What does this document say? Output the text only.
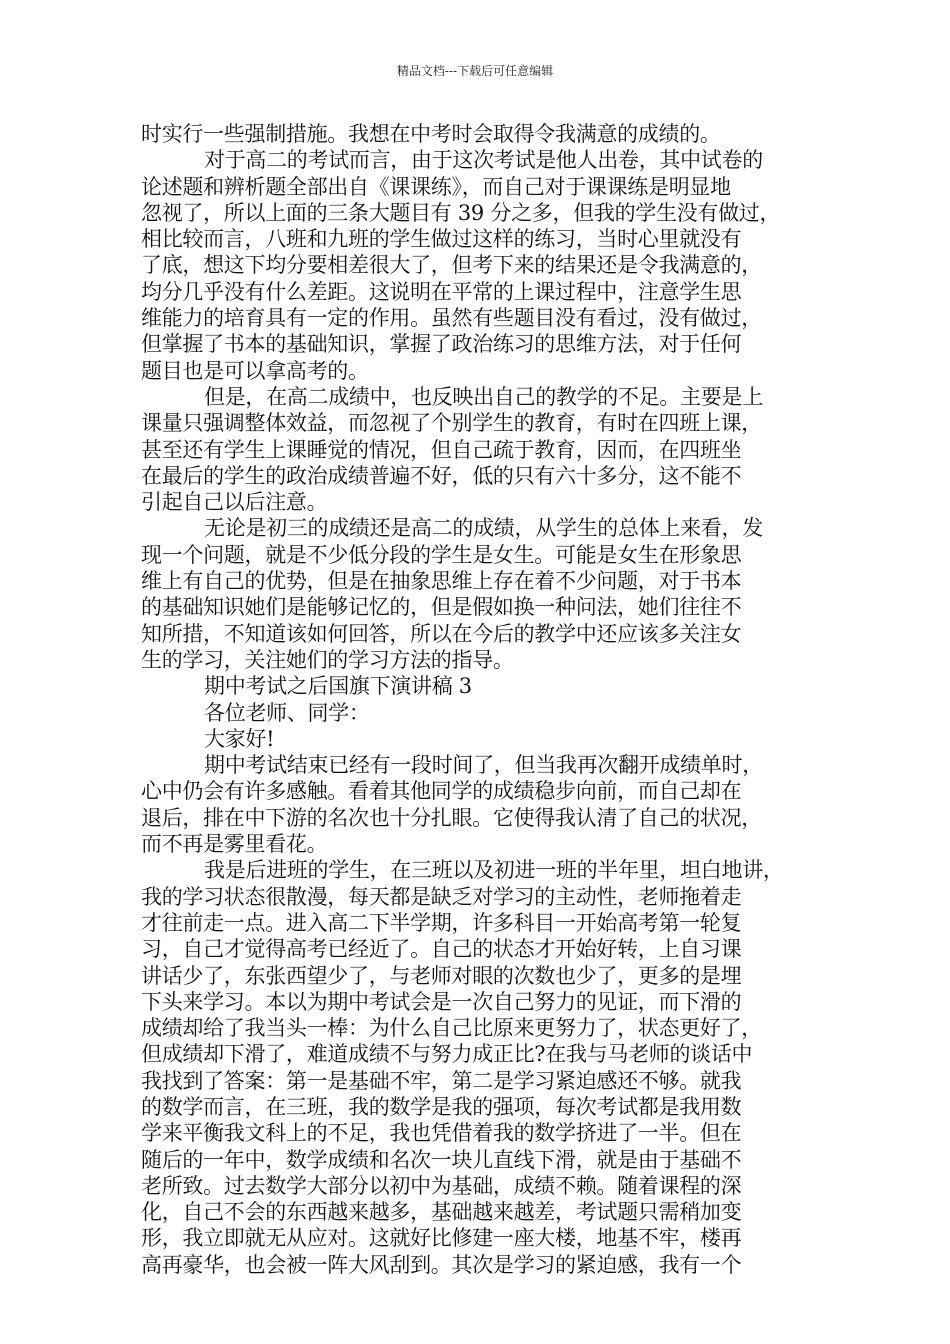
精品文档---下载后可任意编辑
时实行一些强制措施。我想在中考时会取得令我满意的成绩的。
对于高二的考试而言，由于这次考试是他人出卷，其中试卷的
论述题和辨析题全部出自《课课练》，而自己对于课课练是明显地
忽视了，所以上面的三条大题目有 39 分之多，但我的学生没有做过，
相比较而言，八班和九班的学生做过这样的练习，当时心里就没有
了底，想这下均分要相差很大了，但考下来的结果还是令我满意的，
均分几乎没有什么差距。这说明在平常的上课过程中，注意学生思
维能力的培育具有一定的作用。虽然有些题目没有看过，没有做过，
但掌握了书本的基础知识，掌握了政治练习的思维方法，对于任何
题目也是可以拿高考的。
但是，在高二成绩中，也反映出自己的教学的不足。主要是上
课量只强调整体效益，而忽视了个别学生的教育，有时在四班上课，
甚至还有学生上课睡觉的情况，但自己疏于教育，因而，在四班坐
在最后的学生的政治成绩普遍不好，低的只有六十多分，这不能不
引起自己以后注意。
无论是初三的成绩还是高二的成绩，从学生的总体上来看，发
现一个问题，就是不少低分段的学生是女生。可能是女生在形象思
维上有自己的优势，但是在抽象思维上存在着不少问题，对于书本
的基础知识她们是能够记忆的，但是假如换一种问法，她们往往不
知所措，不知道该如何回答，所以在今后的教学中还应该多关注女
生的学习，关注她们的学习方法的指导。
期中考试之后国旗下演讲稿 3
各位老师、同学：
大家好!
期中考试结束已经有一段时间了，但当我再次翻开成绩单时，
心中仍会有许多感触。看着其他同学的成绩稳步向前，而自己却在
退后，排在中下游的名次也十分扎眼。它使得我认清了自己的状况，
而不再是雾里看花。
我是后进班的学生，在三班以及初进一班的半年里，坦白地讲，
我的学习状态很散漫，每天都是缺乏对学习的主动性，老师拖着走
才往前走一点。进入高二下半学期，许多科目一开始高考第一轮复
习，自己才觉得高考已经近了。自己的状态才开始好转，上自习课
讲话少了，东张西望少了，与老师对眼的次数也少了，更多的是埋
下头来学习。本以为期中考试会是一次自己努力的见证，而下滑的
成绩却给了我当头一棒：为什么自己比原来更努力了，状态更好了，
但成绩却下滑了，难道成绩不与努力成正比?在我与马老师的谈话中
我找到了答案：第一是基础不牢，第二是学习紧迫感还不够。就我
的数学而言，在三班，我的数学是我的强项，每次考试都是我用数
学来平衡我文科上的不足，我也凭借着我的数学挤进了一半。但在
随后的一年中，数学成绩和名次一块儿直线下滑，就是由于基础不
老所致。过去数学大部分以初中为基础，成绩不赖。随着课程的深
化，自己不会的东西越来越多，基础越来越差，考试题只需稍加变
形，我立即就无从应对。这就好比修建一座大楼，地基不牢，楼再
高再豪华，也会被一阵大风刮到。其次是学习的紧迫感，我有一个
